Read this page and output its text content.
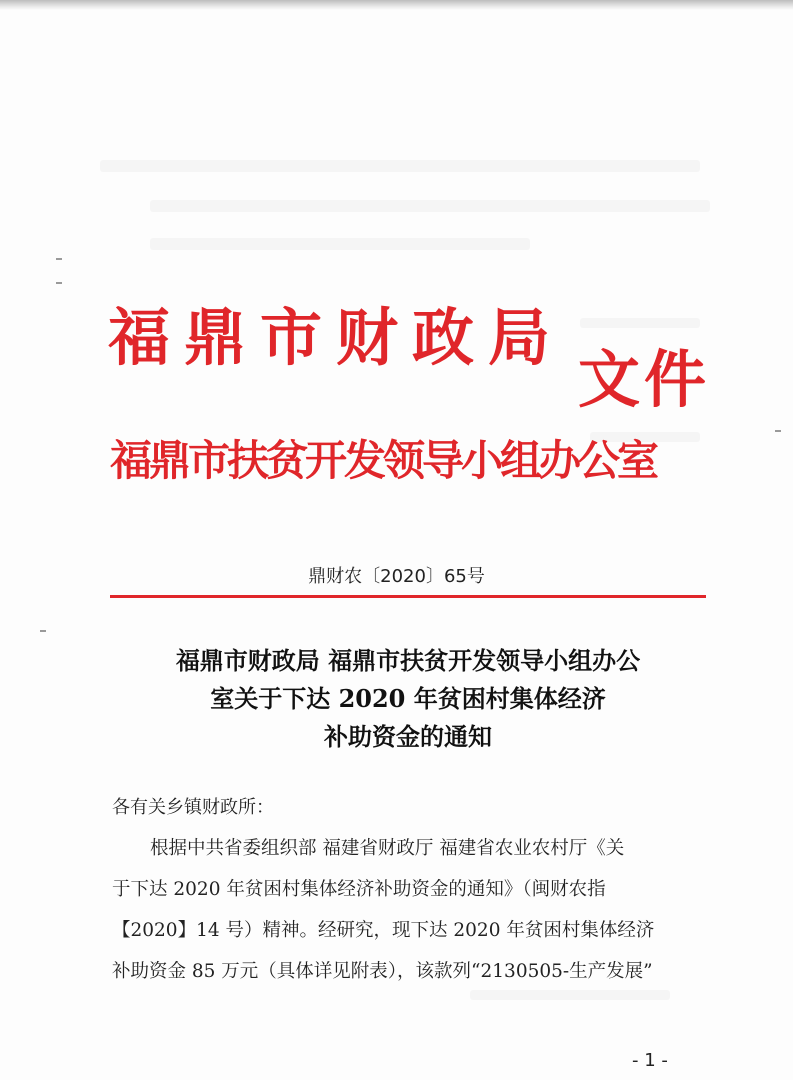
福鼎市财政局
文件
福鼎市扶贫开发领导小组办公室
鼎财农〔2020〕65号
福鼎市财政局 福鼎市扶贫开发领导小组办公
室关于下达 2020 年贫困村集体经济
补助资金的通知
各有关乡镇财政所：
根据中共省委组织部 福建省财政厅 福建省农业农村厅《关
于下达 2020 年贫困村集体经济补助资金的通知》（闽财农指
【2020】14 号）精神。经研究，现下达 2020 年贫困村集体经济
补助资金 85 万元（具体详见附表），该款列“2130505-生产发展”
- 1 -
